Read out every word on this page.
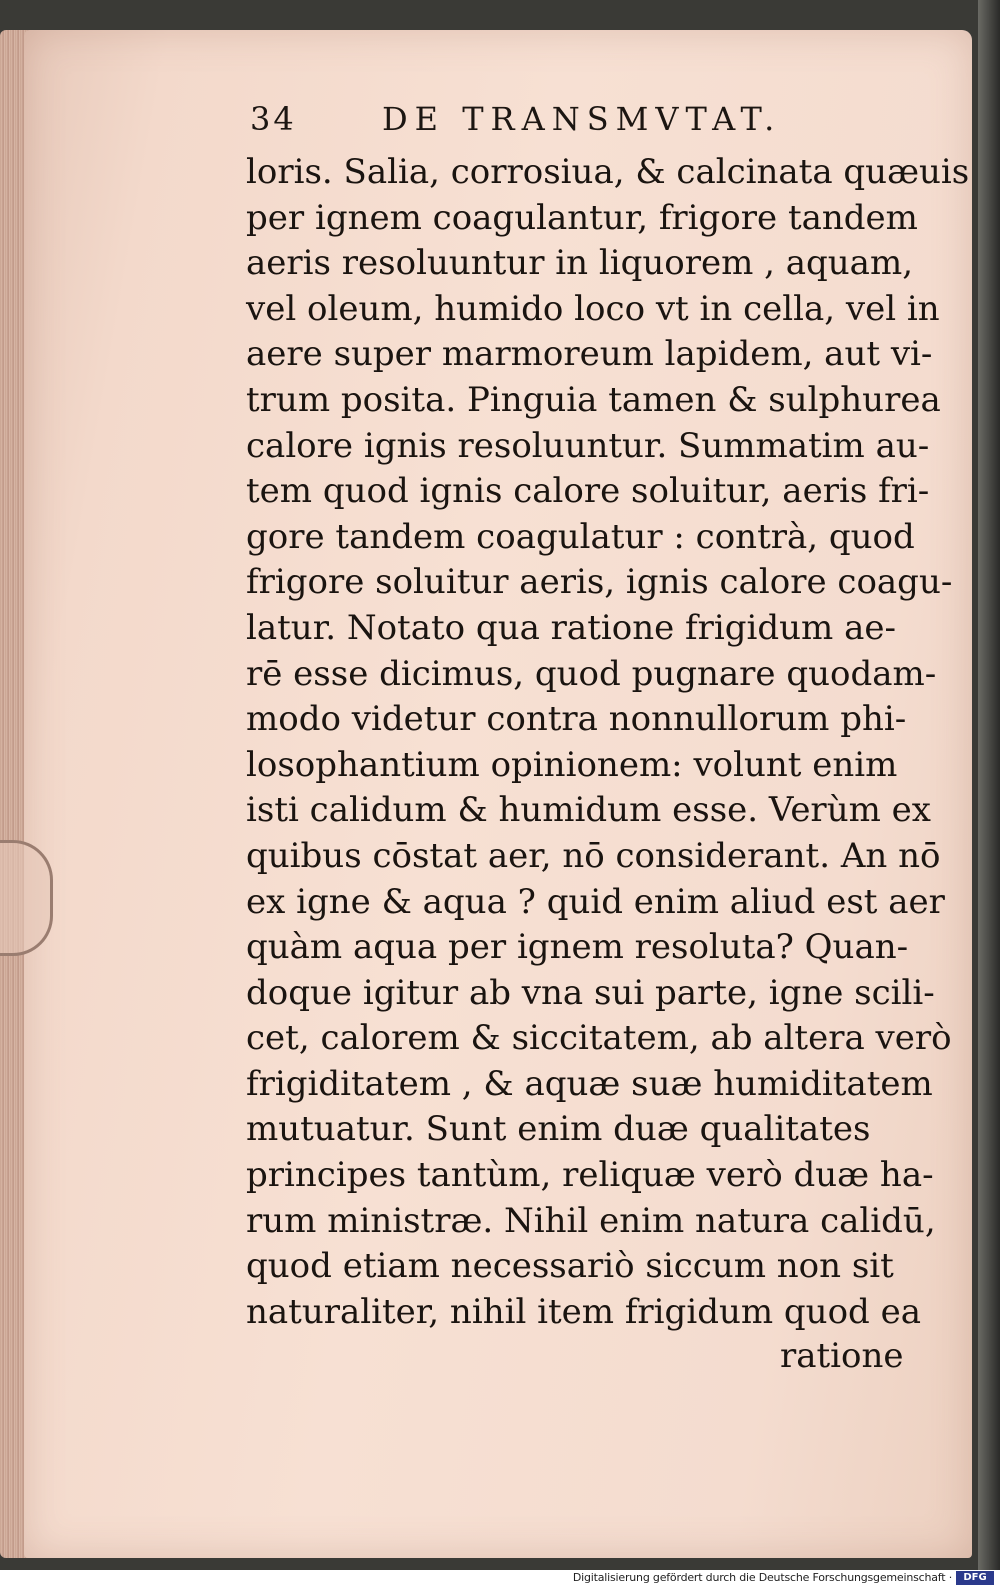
34	DE TRANSMVTAT.
loris. Salia, corrosiua, & calcinata quæuis
per ignem coagulantur, frigore tandem
aeris resoluuntur in liquorem , aquam,
vel oleum, humido loco vt in cella, vel in
aere super marmoreum lapidem, aut vi-
trum posita. Pinguia tamen & sulphurea
calore ignis resoluuntur. Summatim au-
tem quod ignis calore soluitur, aeris fri-
gore tandem coagulatur : contrà, quod
frigore soluitur aeris, ignis calore coagu-
latur. Notato qua ratione frigidum ae-
rē esse dicimus, quod pugnare quodam-
modo videtur contra nonnullorum phi-
losophantium opinionem: volunt enim
isti calidum & humidum esse. Verùm ex
quibus cōstat aer, nō considerant. An nō
ex igne & aqua ? quid enim aliud est aer
quàm aqua per ignem resoluta? Quan-
doque igitur ab vna sui parte, igne scili-
cet, calorem & siccitatem, ab altera verò
frigiditatem , & aquæ suæ humiditatem
mutuatur. Sunt enim duæ qualitates
principes tantùm, reliquæ verò duæ ha-
rum ministræ. Nihil enim natura calidū,
quod etiam necessariò siccum non sit
naturaliter, nihil item frigidum quod ea
ratione
Digitalisierung gefördert durch die Deutsche Forschungsgemeinschaft ·	DFG
